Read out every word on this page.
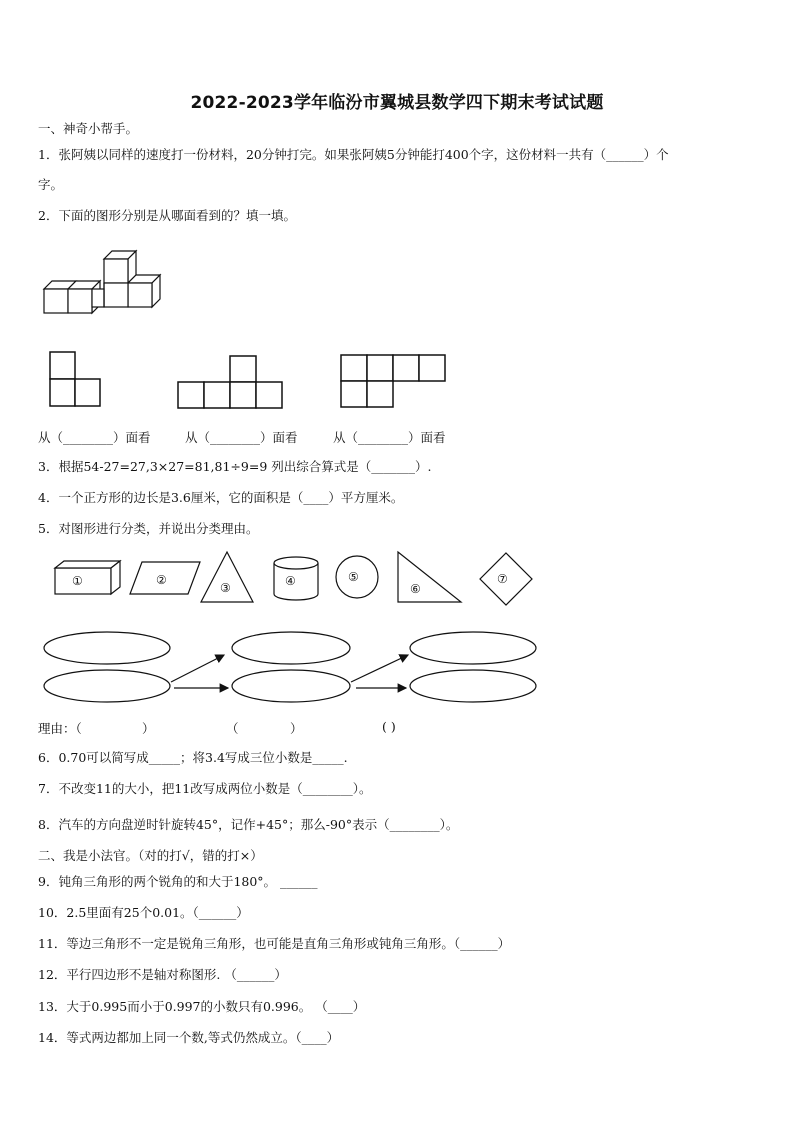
2022-2023学年临汾市翼城县数学四下期末考试试题
一、神奇小帮手。
1．张阿姨以同样的速度打一份材料，20分钟打完。如果张阿姨5分钟能打400个字，这份材料一共有（______）个
字。
2．下面的图形分别是从哪面看到的？填一填。
从（________）面看	从（________）面看	从（________）面看
3．根据54-27=27,3×27=81,81÷9=9 列出综合算式是（_______）.
4．一个正方形的边长是3.6厘米，它的面积是（____）平方厘米。
5．对图形进行分类，并说出分类理由。
①	②
③	④	⑤
⑥
⑦
理由：（	）	（	）	( )
6．0.70可以简写成_____；将3.4写成三位小数是_____.
7．不改变11的大小，把11改写成两位小数是（________）。
8．汽车的方向盘逆时针旋转45°，记作+45°；那么-90°表示（________）。
二、我是小法官。（对的打√，错的打×）
9．钝角三角形的两个锐角的和大于180°。 ______
10．2.5里面有25个0.01。（______）
11．等边三角形不一定是锐角三角形，也可能是直角三角形或钝角三角形。（______）
12．平行四边形不是轴对称图形. （______）
13．大于0.995而小于0.997的小数只有0.996。 （____）
14．等式两边都加上同一个数,等式仍然成立。（____）
